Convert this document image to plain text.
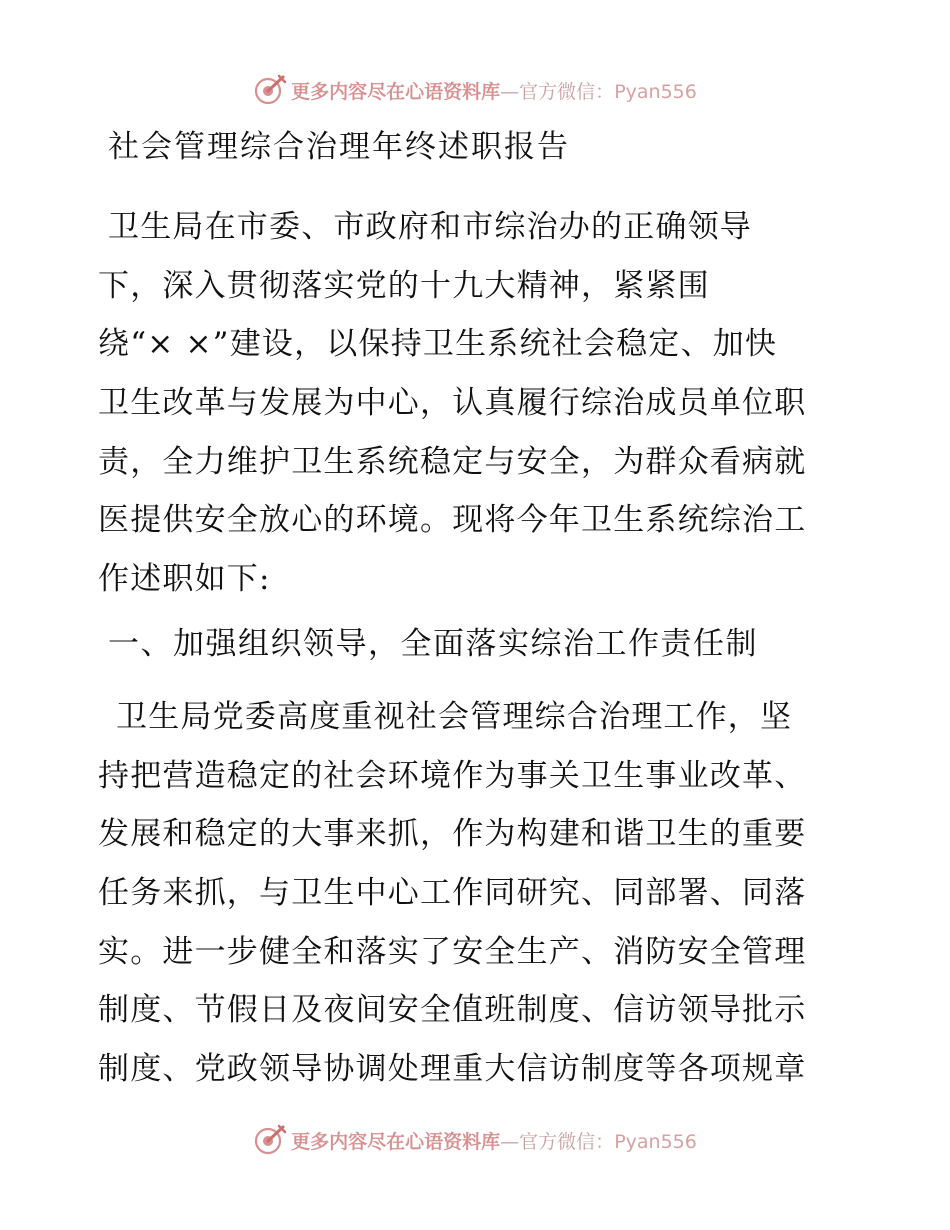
更多内容尽在心语资料库—官方微信：Pyan556
社会管理综合治理年终述职报告
卫生局在市委、市政府和市综治办的正确领导
下，深入贯彻落实党的十九大精神，紧紧围
绕“× ×”建设，以保持卫生系统社会稳定、加快
卫生改革与发展为中心，认真履行综治成员单位职
责，全力维护卫生系统稳定与安全，为群众看病就
医提供安全放心的环境。现将今年卫生系统综治工
作述职如下:
一、加强组织领导，全面落实综治工作责任制
卫生局党委高度重视社会管理综合治理工作，坚
持把营造稳定的社会环境作为事关卫生事业改革、
发展和稳定的大事来抓，作为构建和谐卫生的重要
任务来抓，与卫生中心工作同研究、同部署、同落
实。进一步健全和落实了安全生产、消防安全管理
制度、节假日及夜间安全值班制度、信访领导批示
制度、党政领导协调处理重大信访制度等各项规章
更多内容尽在心语资料库—官方微信：Pyan556
